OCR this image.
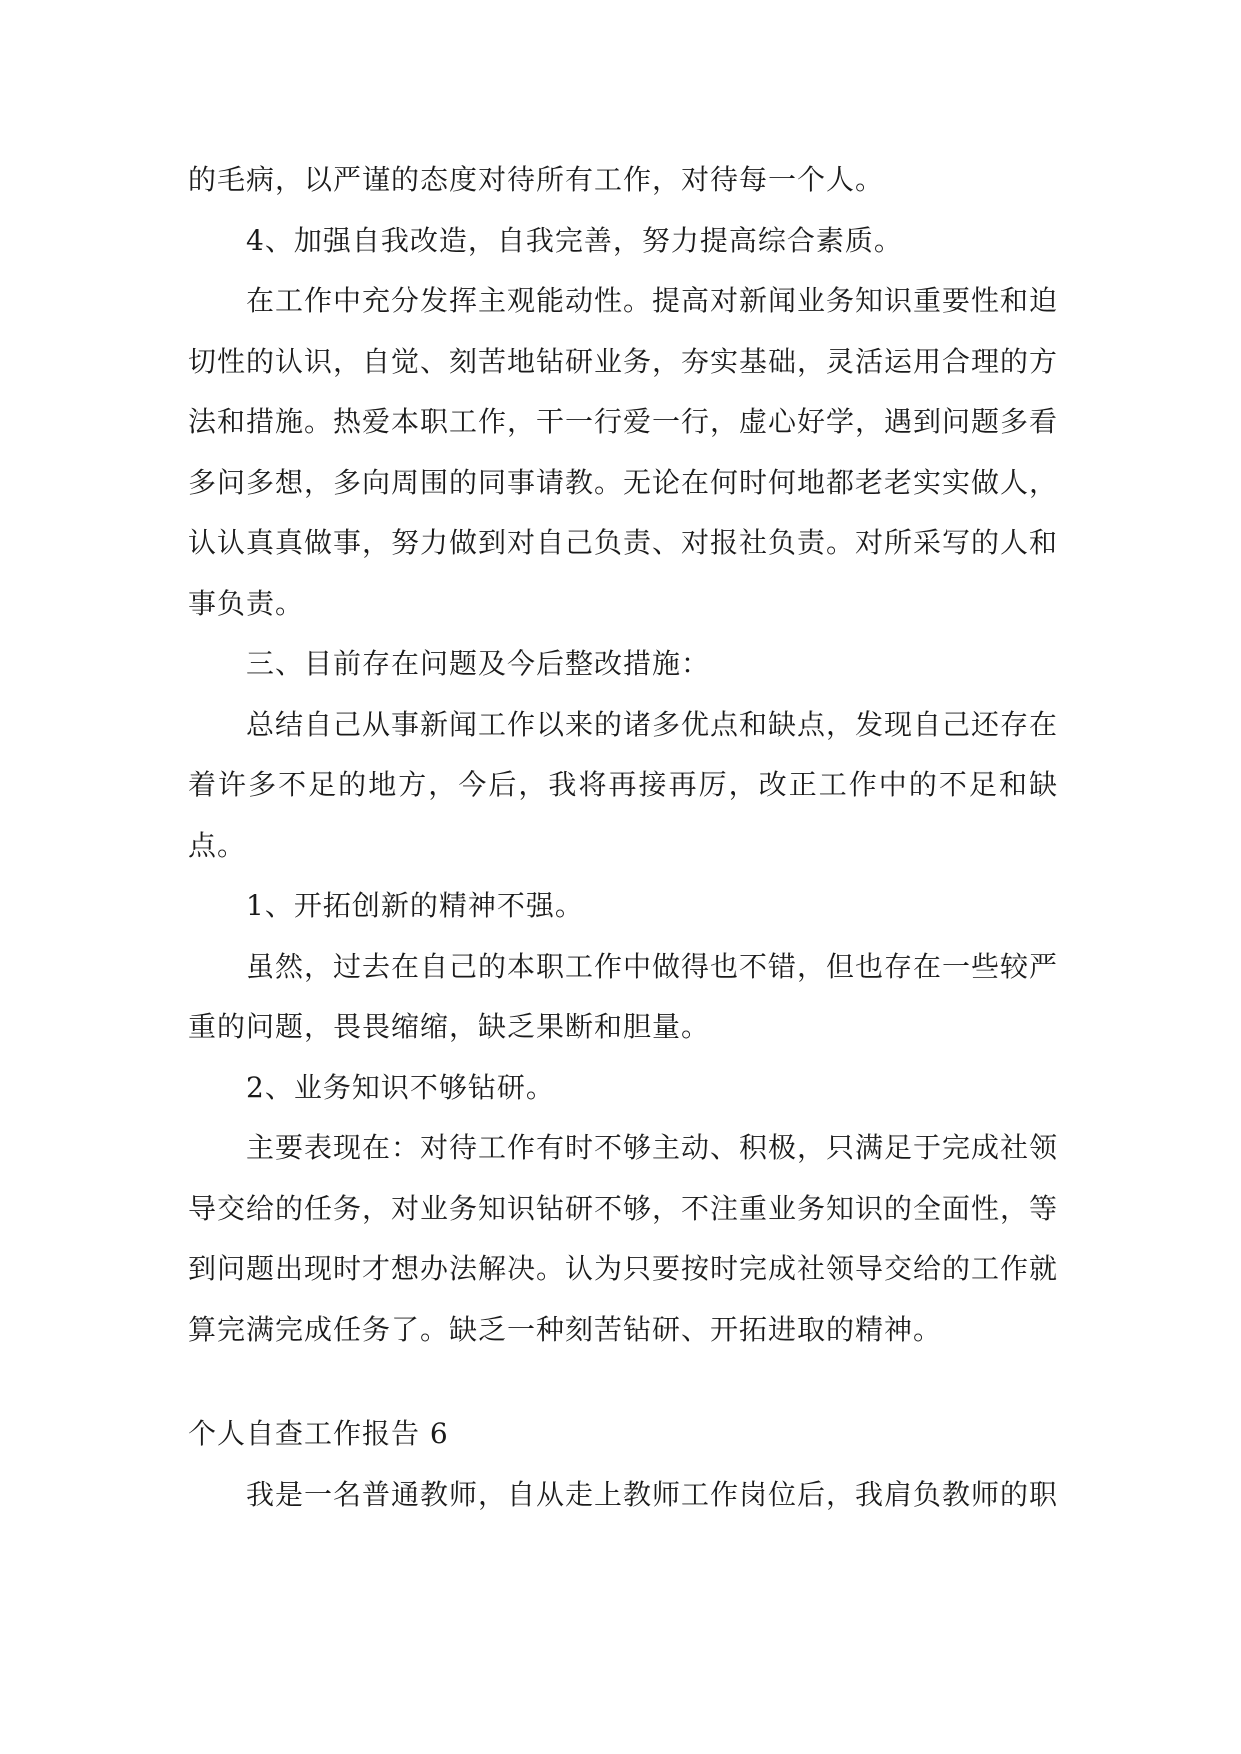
的毛病，以严谨的态度对待所有工作，对待每一个人。

4、加强自我改造，自我完善，努力提高综合素质。

在工作中充分发挥主观能动性。提高对新闻业务知识重要性和迫切性的认识，自觉、刻苦地钻研业务，夯实基础，灵活运用合理的方法和措施。热爱本职工作，干一行爱一行，虚心好学，遇到问题多看多问多想，多向周围的同事请教。无论在何时何地都老老实实做人，认认真真做事，努力做到对自己负责、对报社负责。对所采写的人和事负责。

三、目前存在问题及今后整改措施：

总结自己从事新闻工作以来的诸多优点和缺点，发现自己还存在着许多不足的地方，今后，我将再接再厉，改正工作中的不足和缺点。

1、开拓创新的精神不强。

虽然，过去在自己的本职工作中做得也不错，但也存在一些较严重的问题，畏畏缩缩，缺乏果断和胆量。

2、业务知识不够钻研。

主要表现在：对待工作有时不够主动、积极，只满足于完成社领导交给的任务，对业务知识钻研不够，不注重业务知识的全面性，等到问题出现时才想办法解决。认为只要按时完成社领导交给的工作就算完满完成任务了。缺乏一种刻苦钻研、开拓进取的精神。

个人自查工作报告 6

我是一名普通教师，自从走上教师工作岗位后，我肩负教师的职
